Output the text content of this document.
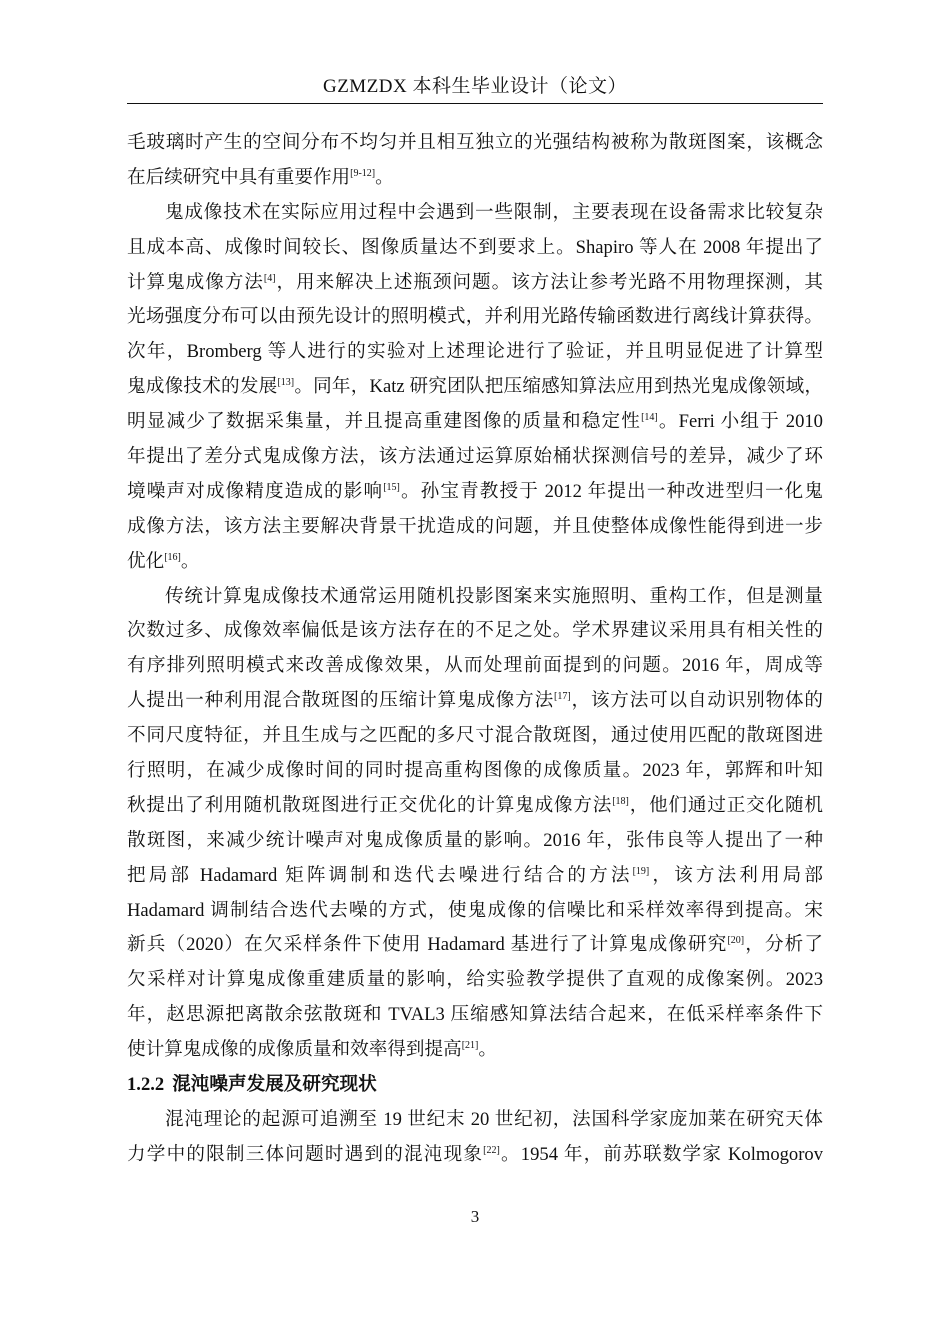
GZMZDX 本科生毕业设计（论文）
毛玻璃时产生的空间分布不均匀并且相互独立的光强结构被称为散斑图案，该概念
在后续研究中具有重要作用[9-12]。
鬼成像技术在实际应用过程中会遇到一些限制，主要表现在设备需求比较复杂
且成本高、成像时间较长、图像质量达不到要求上。Shapiro 等人在 2008 年提出了
计算鬼成像方法[4]，用来解决上述瓶颈问题。该方法让参考光路不用物理探测，其
光场强度分布可以由预先设计的照明模式，并利用光路传输函数进行离线计算获得。
次年，Bromberg 等人进行的实验对上述理论进行了验证，并且明显促进了计算型
鬼成像技术的发展[13]。同年，Katz 研究团队把压缩感知算法应用到热光鬼成像领域，
明显减少了数据采集量，并且提高重建图像的质量和稳定性[14]。Ferri 小组于 2010
年提出了差分式鬼成像方法，该方法通过运算原始桶状探测信号的差异，减少了环
境噪声对成像精度造成的影响[15]。孙宝青教授于 2012 年提出一种改进型归一化鬼
成像方法，该方法主要解决背景干扰造成的问题，并且使整体成像性能得到进一步
优化[16]。
传统计算鬼成像技术通常运用随机投影图案来实施照明、重构工作，但是测量
次数过多、成像效率偏低是该方法存在的不足之处。学术界建议采用具有相关性的
有序排列照明模式来改善成像效果，从而处理前面提到的问题。2016 年，周成等
人提出一种利用混合散斑图的压缩计算鬼成像方法[17]，该方法可以自动识别物体的
不同尺度特征，并且生成与之匹配的多尺寸混合散斑图，通过使用匹配的散斑图进
行照明，在减少成像时间的同时提高重构图像的成像质量。2023 年，郭辉和叶知
秋提出了利用随机散斑图进行正交优化的计算鬼成像方法[18]，他们通过正交化随机
散斑图，来减少统计噪声对鬼成像质量的影响。2016 年，张伟良等人提出了一种
把局部 Hadamard 矩阵调制和迭代去噪进行结合的方法[19]，该方法利用局部
Hadamard 调制结合迭代去噪的方式，使鬼成像的信噪比和采样效率得到提高。宋
新兵（2020）在欠采样条件下使用 Hadamard 基进行了计算鬼成像研究[20]，分析了
欠采样对计算鬼成像重建质量的影响，给实验教学提供了直观的成像案例。2023
年，赵思源把离散余弦散斑和 TVAL3 压缩感知算法结合起来，在低采样率条件下
使计算鬼成像的成像质量和效率得到提高[21]。
1.2.2 混沌噪声发展及研究现状
混沌理论的起源可追溯至 19 世纪末 20 世纪初，法国科学家庞加莱在研究天体
力学中的限制三体问题时遇到的混沌现象[22]。1954 年，前苏联数学家 Kolmogorov
3
